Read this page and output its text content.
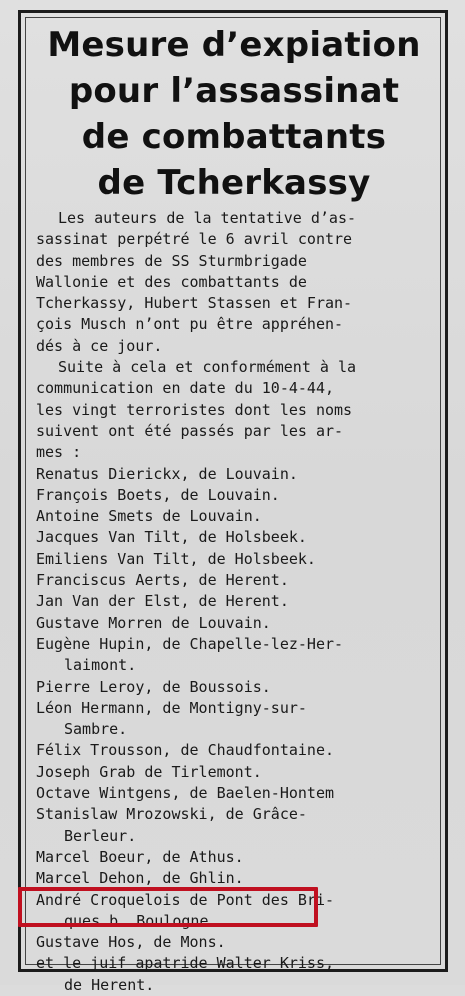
Mesure d’expiation
pour l’assassinat
de combattants
de Tcherkassy
Les auteurs de la tentative d’as-
sassinat perpétré le 6 avril contre
des membres de SS Sturmbrigade
Wallonie et des combattants de
Tcherkassy, Hubert Stassen et Fran-
çois Musch n’ont pu être appréhen-
dés à ce jour.
Suite à cela et conformément à la
communication en date du 10-4-44,
les vingt terroristes dont les noms
suivent ont été passés par les ar-
mes :
Renatus Dierickx, de Louvain.
François Boets, de Louvain.
Antoine Smets de Louvain.
Jacques Van Tilt, de Holsbeek.
Emiliens Van Tilt, de Holsbeek.
Franciscus Aerts, de Herent.
Jan Van der Elst, de Herent.
Gustave Morren de Louvain.
Eugène Hupin, de Chapelle-lez-Her-
laimont.
Pierre Leroy, de Boussois.
Léon Hermann, de Montigny-sur-
Sambre.
Félix Trousson, de Chaudfontaine.
Joseph Grab de Tirlemont.
Octave Wintgens, de Baelen-Hontem
Stanislaw Mrozowski, de Grâce-
Berleur.
Marcel Boeur, de Athus.
Marcel Dehon, de Ghlin.
André Croquelois de Pont des Bri-
ques b. Boulogne.
Gustave Hos, de Mons.
et le juif apatride Walter Kriss,
de Herent.
